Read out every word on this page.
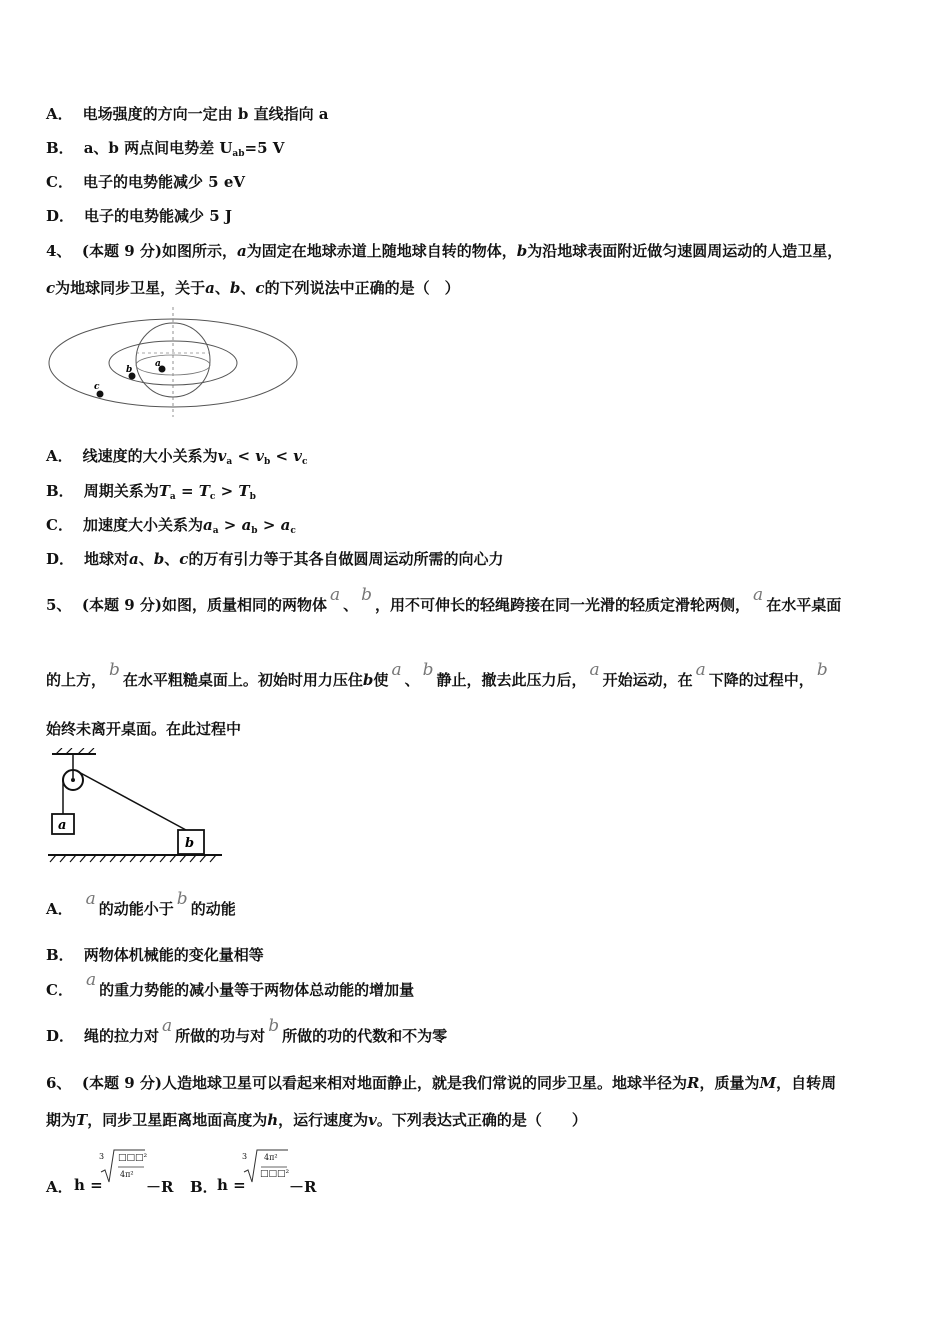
A． 电场强度的方向一定由 b 直线指向 a
B． a、b 两点间电势差 $U_{ab}=5$ V
C． 电子的电势能减少 5 eV
D． 电子的电势能减少 5 J
4、 (本题 9 分)如图所示，a为固定在地球赤道上随地球自转的物体，b为沿地球表面附近做匀速圆周运动的人造卫星，
c为地球同步卫星，关于a、b、c的下列说法中正确的是（　）
a
b
c
A． 线速度的大小关系为$v_a < v_b < v_c$
B． 周期关系为$T_a = T_c > T_b$
C． 加速度大小关系为$a_a > a_b > a_c$
D． 地球对a、b、c的万有引力等于其各自做圆周运动所需的向心力
5、 (本题 9 分)如图，质量相同的两物体 a 、 b ，用不可伸长的轻绳跨接在同一光滑的轻质定滑轮两侧， a 在水平桌面
的上方， b 在水平粗糙桌面上。初始时用力压住b使 a 、 b 静止，撤去此压力后， a 开始运动，在 a 下降的过程中， b
始终未离开桌面。在此过程中
a
b
A． a 的动能小于 b 的动能
B． 两物体机械能的变化量相等
C． a 的重力势能的减小量等于两物体总动能的增加量
D． 绳的拉力对 a 所做的功与对 b 所做的功的代数和不为零
6、 (本题 9 分)人造地球卫星可以看起来相对地面静止，就是我们常说的同步卫星。地球半径为R，质量为M，自转周
期为T，同步卫星距离地面高度为h，运行速度为v。下列表达式正确的是（　　）
A． h =
3 □□□²
4π²
－R B． h =
3 4π²
□□□²
－R
